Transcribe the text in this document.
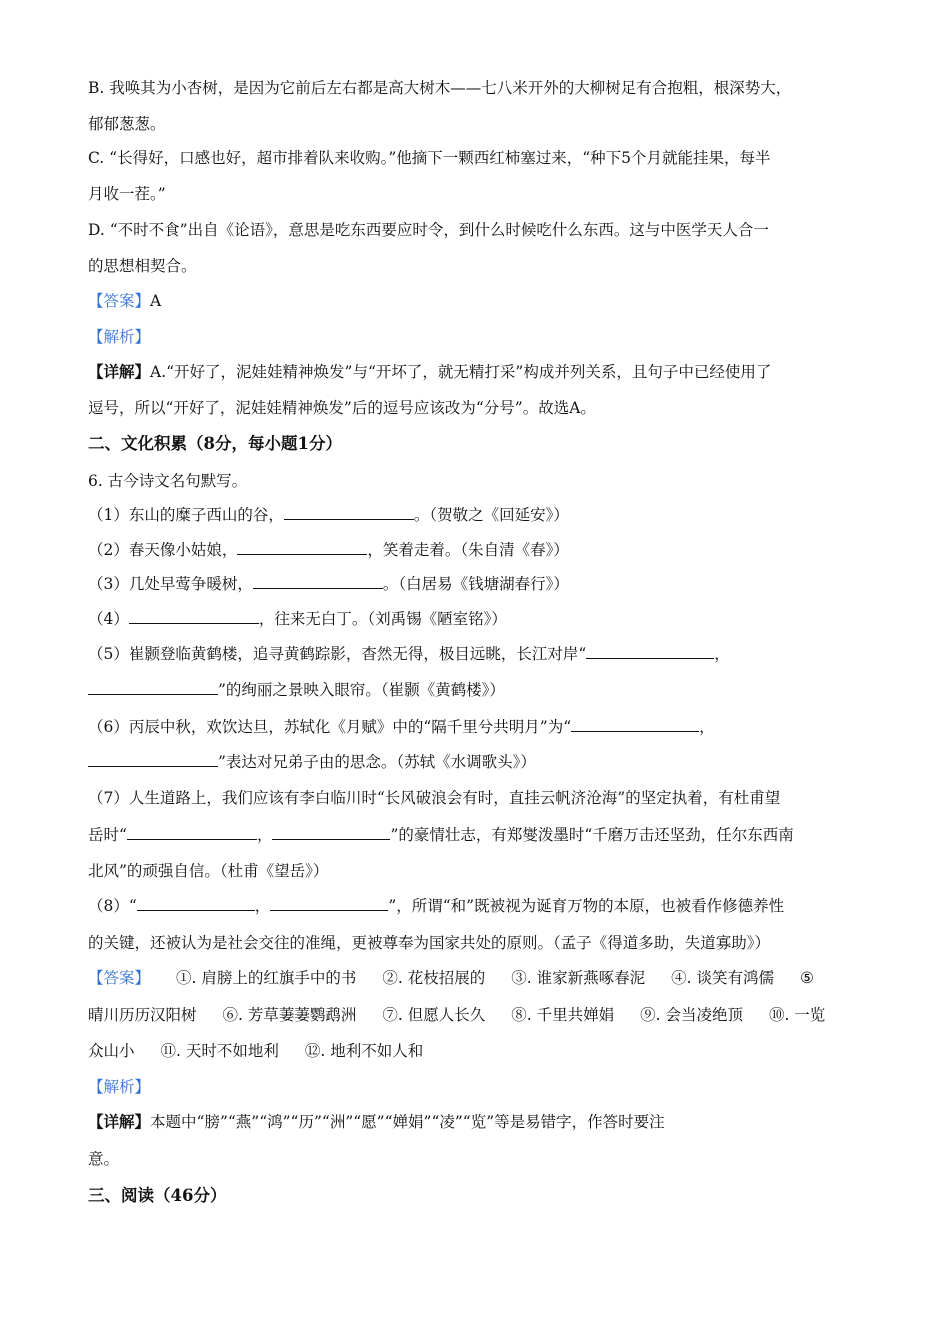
B. 我唤其为小杏树，是因为它前后左右都是高大树木——七八米开外的大柳树足有合抱粗，根深势大，
郁郁葱葱。
C. “长得好，口感也好，超市排着队来收购。”他摘下一颗西红柿塞过来，“种下5个月就能挂果，每半
月收一茬。”
D. “不时不食”出自《论语》，意思是吃东西要应时令，到什么时候吃什么东西。这与中医学天人合一
的思想相契合。
【答案】A
【解析】
【详解】A.“开好了，泥娃娃精神焕发”与“开坏了，就无精打采”构成并列关系，且句子中已经使用了
逗号，所以“开好了，泥娃娃精神焕发”后的逗号应该改为“分号”。故选A。
二、文化积累（8分，每小题1分）
6. 古今诗文名句默写。
（1）东山的糜子西山的谷，	。（贺敬之《回延安》）
（2）春天像小姑娘，	，笑着走着。（朱自清《春》）
（3）几处早莺争暖树，	。（白居易《钱塘湖春行》）
（4）	，往来无白丁。（刘禹锡《陋室铭》）
（5）崔颢登临黄鹤楼，追寻黄鹤踪影，杳然无得，极目远眺，长江对岸“	，
”的绚丽之景映入眼帘。（崔颢《黄鹤楼》）
（6）丙辰中秋，欢饮达旦，苏轼化《月赋》中的“隔千里兮共明月”为“	，
”表达对兄弟子由的思念。（苏轼《水调歌头》）
（7）人生道路上，我们应该有李白临川时“长风破浪会有时，直挂云帆济沧海”的坚定执着，有杜甫望
岳时“	，	”的豪情壮志，有郑燮泼墨时“千磨万击还坚劲，任尔东西南
北风”的顽强自信。（杜甫《望岳》）
（8）“	，	”，所谓“和”既被视为诞育万物的本原，也被看作修德养性
的关键，还被认为是社会交往的准绳，更被尊奉为国家共处的原则。（孟子《得道多助，失道寡助》）
【答案】 ①. 肩膀上的红旗手中的书 ②. 花枝招展的 ③. 谁家新燕啄春泥 ④. 谈笑有鸿儒 ⑤
晴川历历汉阳树 ⑥. 芳草萋萋鹦鹉洲 ⑦. 但愿人长久 ⑧. 千里共婵娟 ⑨. 会当凌绝顶 ⑩. 一览
众山小 ⑪. 天时不如地利 ⑫. 地利不如人和
【解析】
【详解】本题中“膀”“燕”“鸿”“历”“洲”“愿”“婵娟”“凌”“览”等是易错字，作答时要注
意。
三、阅读（46分）
